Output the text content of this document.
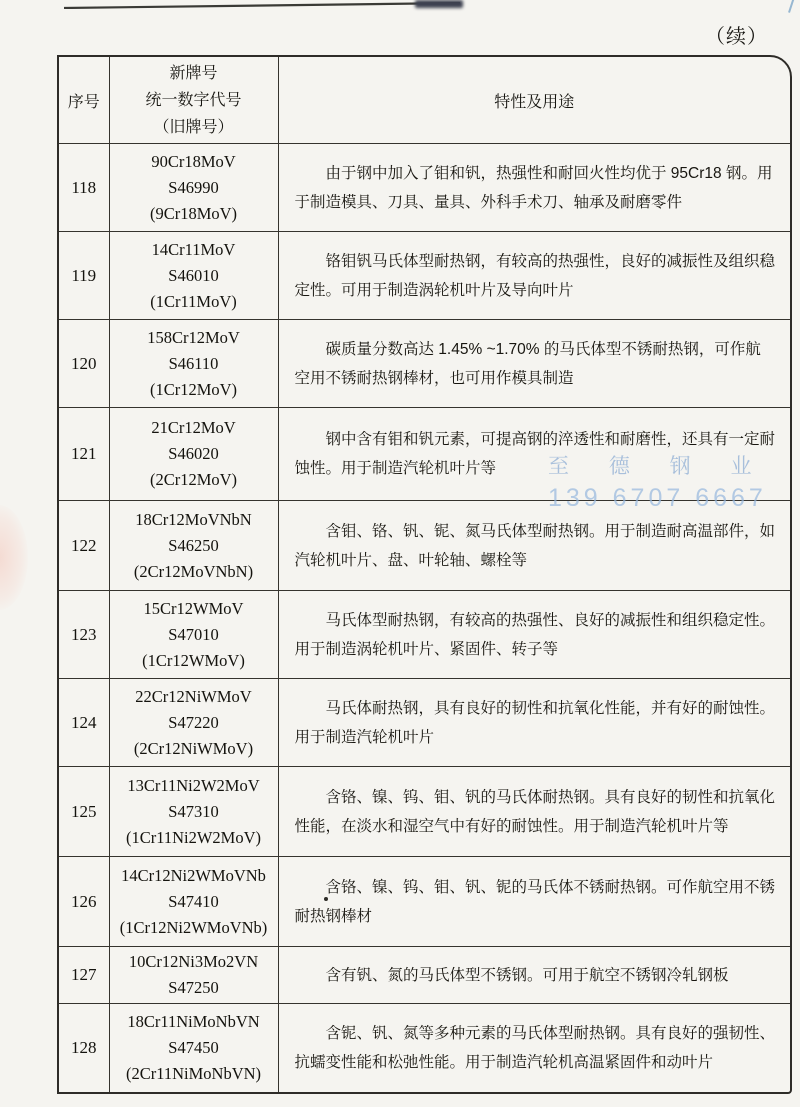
（续）
序号	新牌号
统一数字代号
（旧牌号）	特性及用途
118	90Cr18MoV
S46990
(9Cr18MoV)	由于钢中加入了钼和钒，热强性和耐回火性均优于 95Cr18 钢。用于制造模具、刀具、量具、外科手术刀、轴承及耐磨零件

119	14Cr11MoV
S46010
(1Cr11MoV)	铬钼钒马氏体型耐热钢，有较高的热强性，良好的减振性及组织稳定性。可用于制造涡轮机叶片及导向叶片

120	158Cr12MoV
S46110
(1Cr12MoV)	碳质量分数高达 1.45% ~1.70% 的马氏体型不锈耐热钢，可作航空用不锈耐热钢棒材，也可用作模具制造

121	21Cr12MoV
S46020
(2Cr12MoV)	钢中含有钼和钒元素，可提高钢的淬透性和耐磨性，还具有一定耐蚀性。用于制造汽轮机叶片等

122	18Cr12MoVNbN
S46250
(2Cr12MoVNbN)	含钼、铬、钒、铌、氮马氏体型耐热钢。用于制造耐高温部件，如汽轮机叶片、盘、叶轮轴、螺栓等

123	15Cr12WMoV
S47010
(1Cr12WMoV)	马氏体型耐热钢，有较高的热强性、良好的减振性和组织稳定性。用于制造涡轮机叶片、紧固件、转子等

124	22Cr12NiWMoV
S47220
(2Cr12NiWMoV)	马氏体耐热钢，具有良好的韧性和抗氧化性能，并有好的耐蚀性。用于制造汽轮机叶片

125	13Cr11Ni2W2MoV
S47310
(1Cr11Ni2W2MoV)	含铬、镍、钨、钼、钒的马氏体耐热钢。具有良好的韧性和抗氧化性能，在淡水和湿空气中有好的耐蚀性。用于制造汽轮机叶片等

126	14Cr12Ni2WMoVNb
S47410
(1Cr12Ni2WMoVNb)	含铬、镍、钨、钼、钒、铌的马氏体不锈耐热钢。可作航空用不锈耐热钢棒材

127	10Cr12Ni3Mo2VN
S47250	含有钒、氮的马氏体型不锈钢。可用于航空不锈钢冷轧钢板

128	18Cr11NiMoNbVN
S47450
(2Cr11NiMoNbVN)	含铌、钒、氮等多种元素的马氏体型耐热钢。具有良好的强韧性、抗蠕变性能和松弛性能。用于制造汽轮机高温紧固件和动叶片

至 德 钢 业
139 6707 6667
